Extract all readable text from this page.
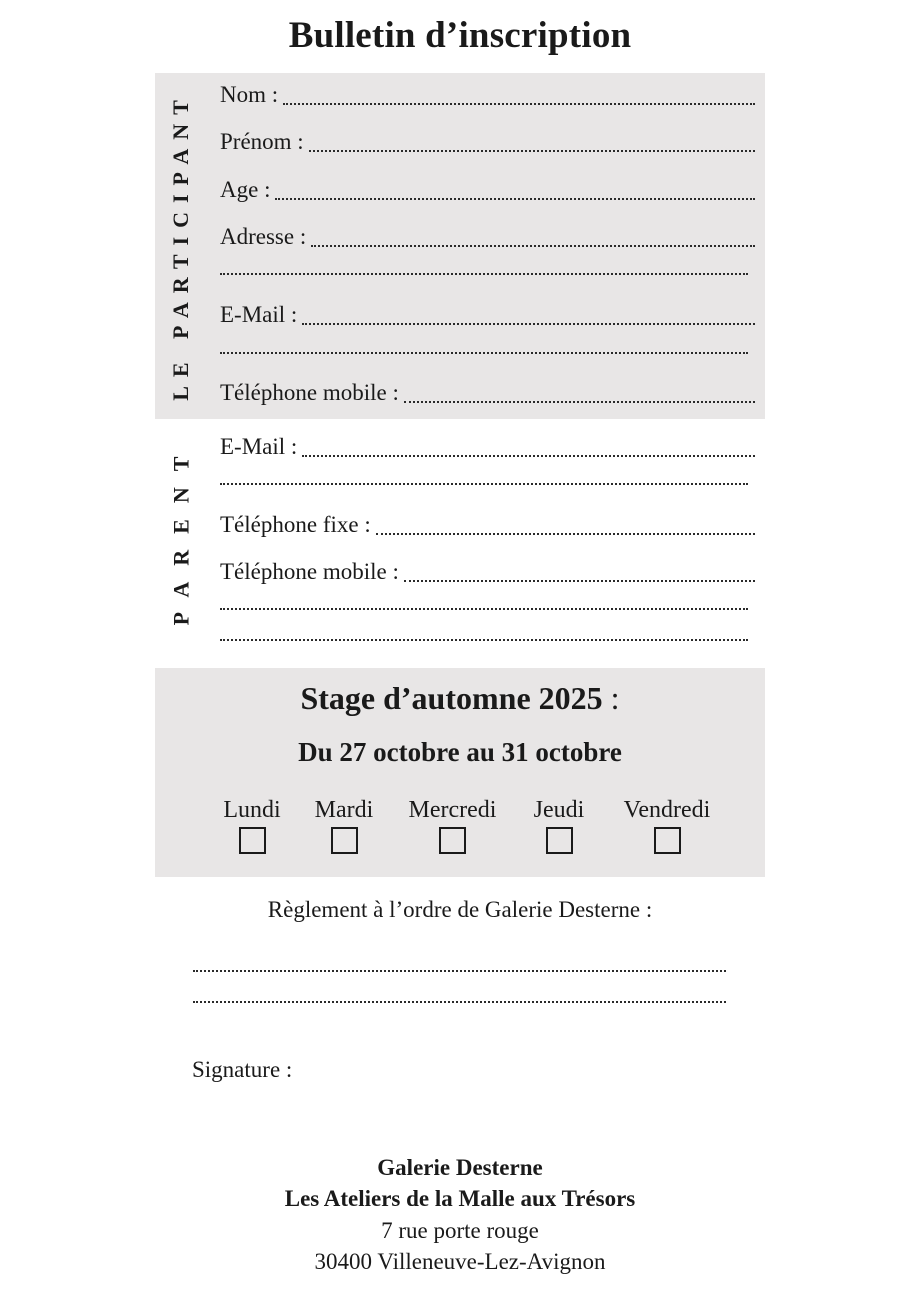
Bulletin d’inscription
LE PARTICIPANT Nom :
Prénom :
Age :
Adresse :
E-Mail :
Téléphone mobile :
PARENT E-Mail :
Téléphone fixe :
Téléphone mobile :
Stage d’automne 2025 :
Du 27 octobre au 31 octobre
Lundi Mardi Mercredi Jeudi	Vendredi
Règlement à l’ordre de Galerie Desterne :
Signature :
Galerie Desterne
Les Ateliers de la Malle aux Trésors
7 rue porte rouge
30400 Villeneuve-Lez-Avignon
